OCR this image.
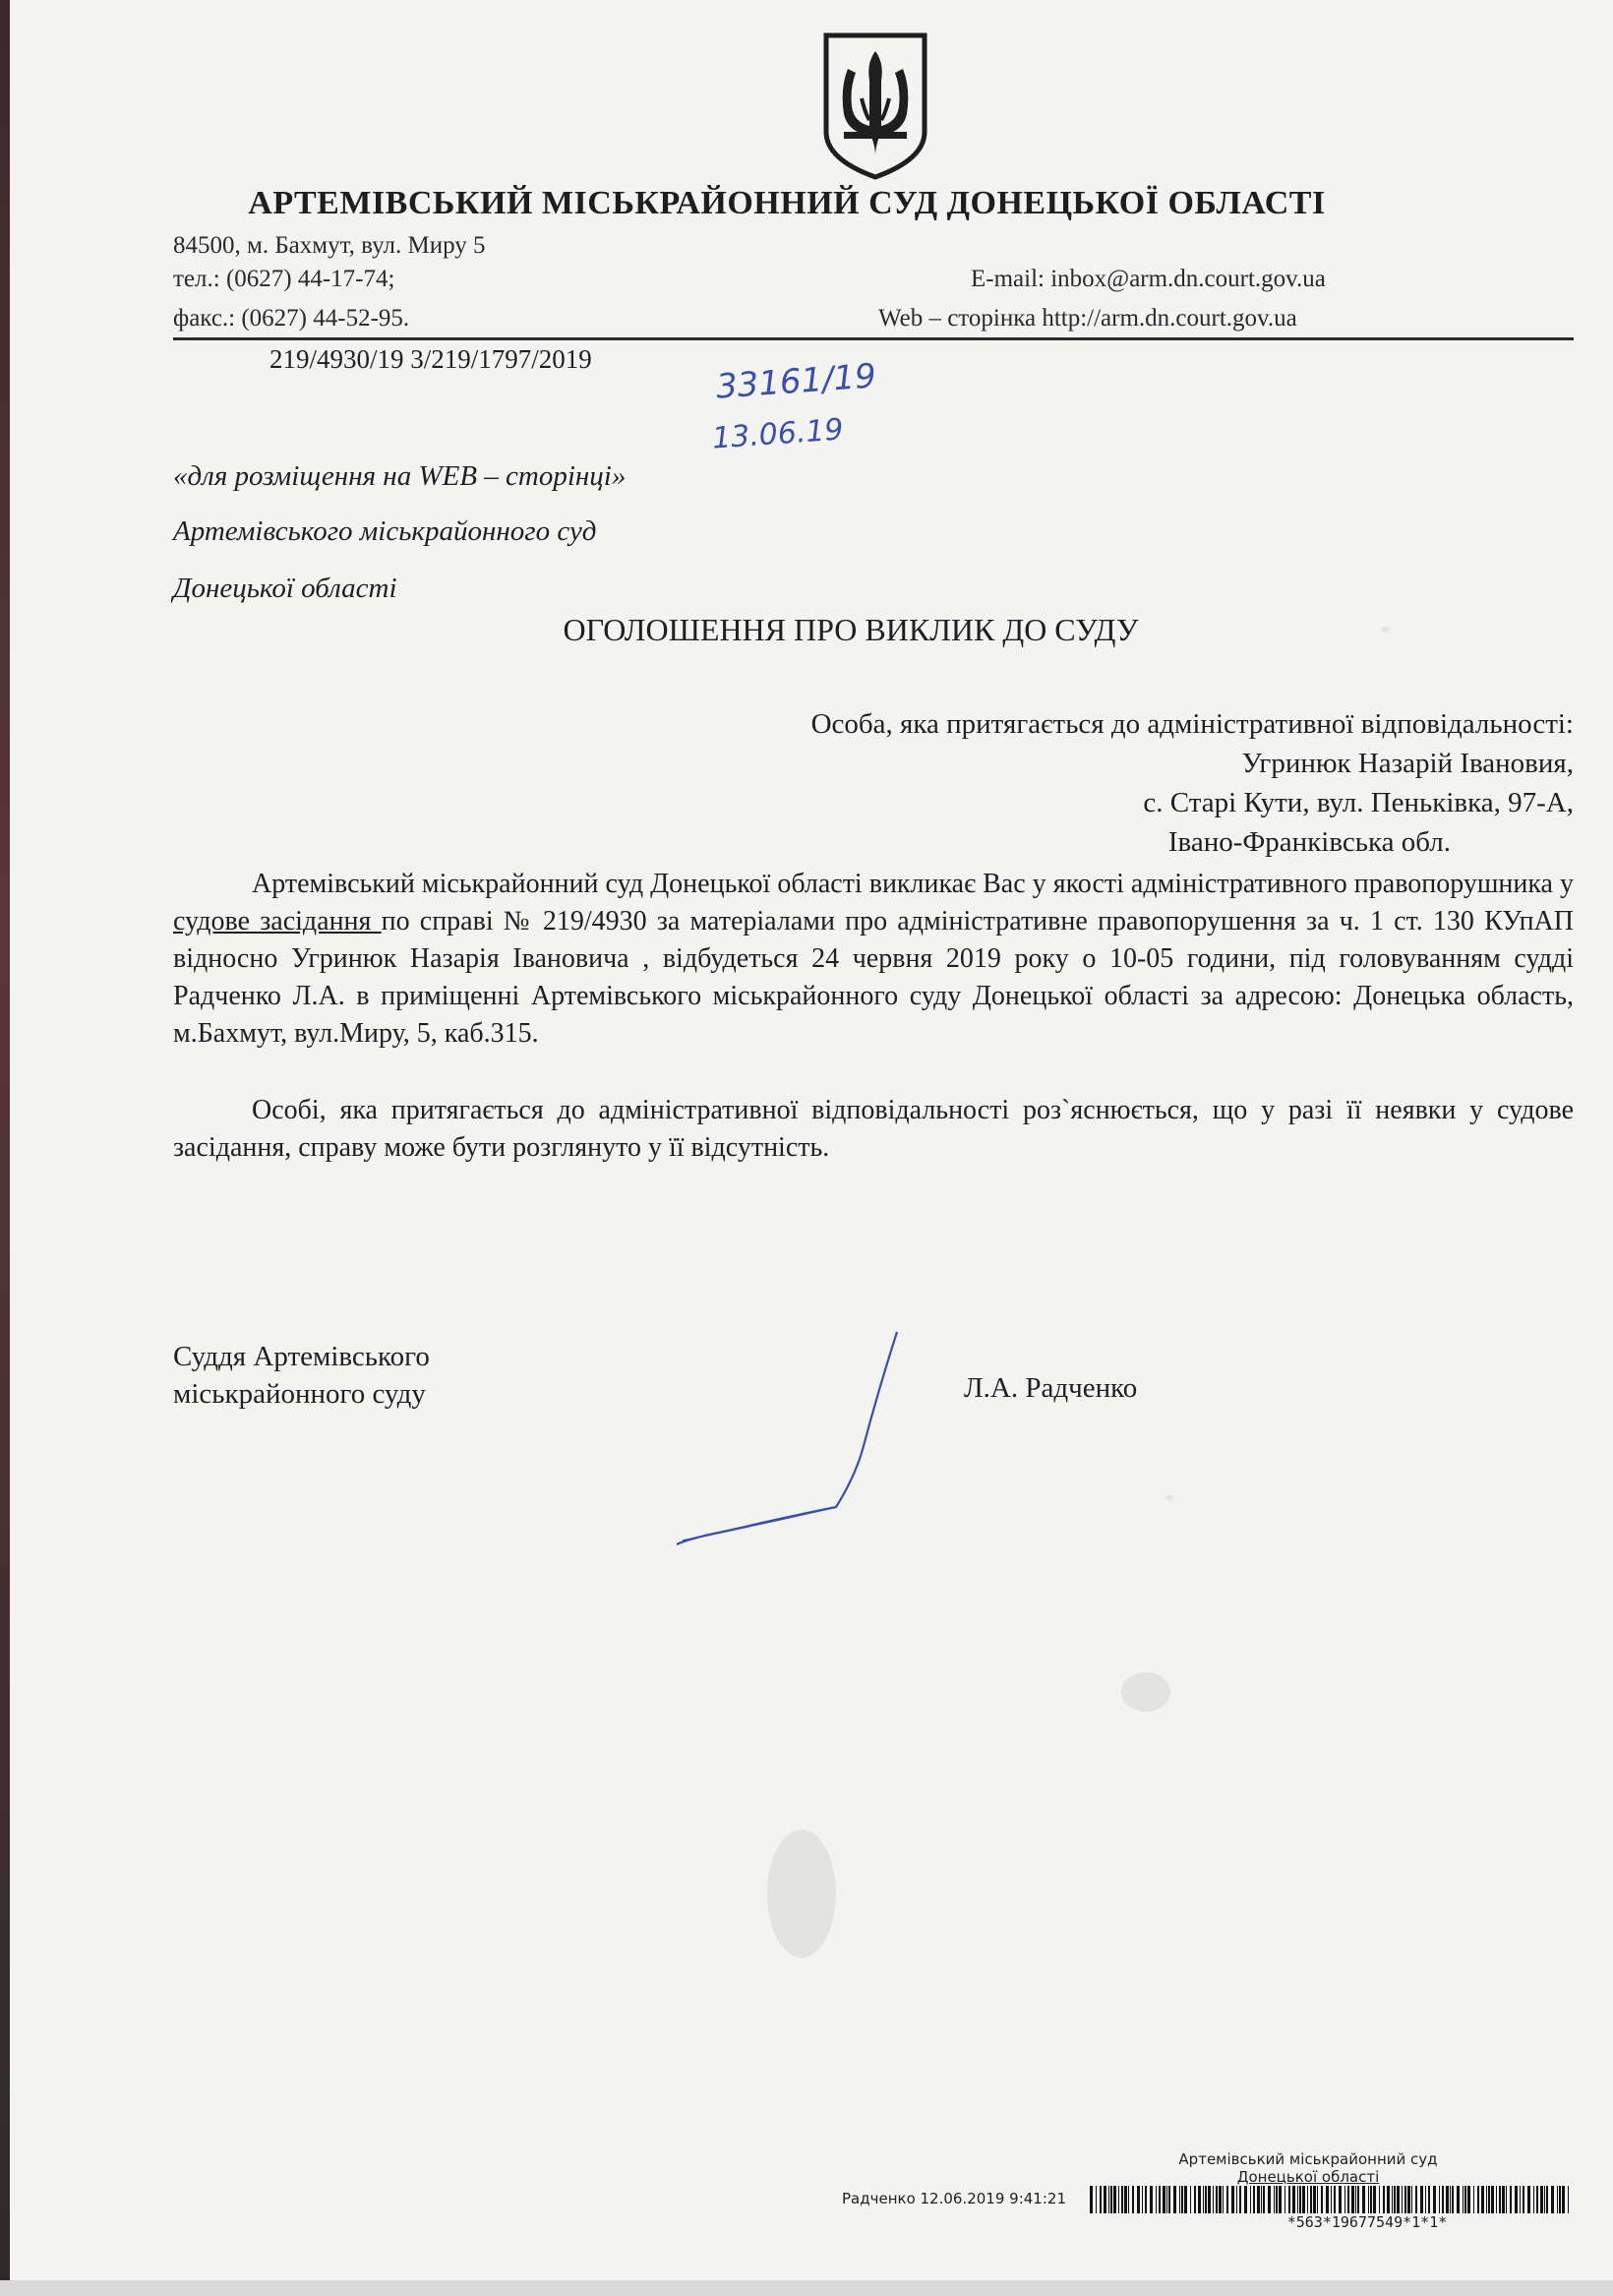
АРТЕМІВСЬКИЙ МІСЬКРАЙОННИЙ СУД ДОНЕЦЬКОЇ ОБЛАСТІ
84500, м. Бахмут, вул. Миру 5
тел.: (0627) 44-17-74;
факс.: (0627) 44-52-95.
E-mail: inbox@arm.dn.court.gov.ua
Web – сторінка http://arm.dn.court.gov.ua
219/4930/19 3/219/1797/2019	33161/19
13.06.19
«для розміщення на WEB – сторінці»
Артемівського міськрайонного суд
Донецької області
ОГОЛОШЕННЯ ПРО ВИКЛИК ДО СУДУ
Особа, яка притягається до адміністративної відповідальності:
Угринюк Назарій Івановия,
с. Старі Кути, вул. Пеньківка, 97-А,
Івано-Франківська обл.

Артемівський міськрайонний суд Донецької області викликає Вас у якості адміністративного правопорушника у судове засідання по справі № 219/4930 за матеріалами про адміністративне правопорушення за ч. 1 ст. 130 КУпАП відносно Угринюк Назарія Івановича , відбудеться 24 червня 2019 року о 10-05 години, під головуванням судді Радченко Л.А. в приміщенні Артемівського міськрайонного суду Донецької області за адресою: Донецька область, м.Бахмут, вул.Миру, 5, каб.315.

Особі, яка притягається до адміністративної відповідальності роз`яснюється, що у разі її неявки у судове засідання, справу може бути розглянуто у її відсутність.

Суддя Артемівського
міськрайонного суду	Л.А. Радченко
Артемівський міськрайонний суд
Донецької області
Радченко 12.06.2019 9:41:21
*563*19677549*1*1*
